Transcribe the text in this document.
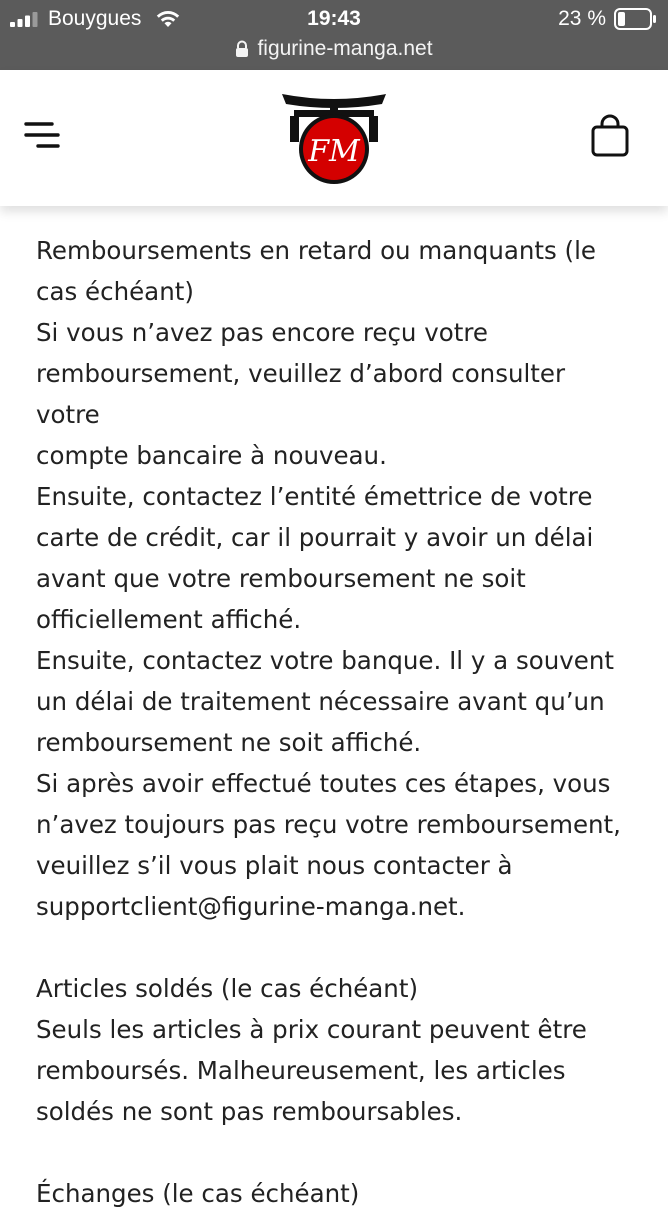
Bouygues	19:43	23 %
figurine-manga.net
FM

Remboursements en retard ou manquants (le
cas échéant)
Si vous n’avez pas encore reçu votre
remboursement, veuillez d’abord consulter votre
compte bancaire à nouveau.
Ensuite, contactez l’entité émettrice de votre
carte de crédit, car il pourrait y avoir un délai
avant que votre remboursement ne soit
officiellement affiché.
Ensuite, contactez votre banque. Il y a souvent
un délai de traitement nécessaire avant qu’un
remboursement ne soit affiché.
Si après avoir effectué toutes ces étapes, vous
n’avez toujours pas reçu votre remboursement,
veuillez s’il vous plait nous contacter à
supportclient@figurine-manga.net.

Articles soldés (le cas échéant)
Seuls les articles à prix courant peuvent être
remboursés. Malheureusement, les articles
soldés ne sont pas remboursables.

Échanges (le cas échéant)
